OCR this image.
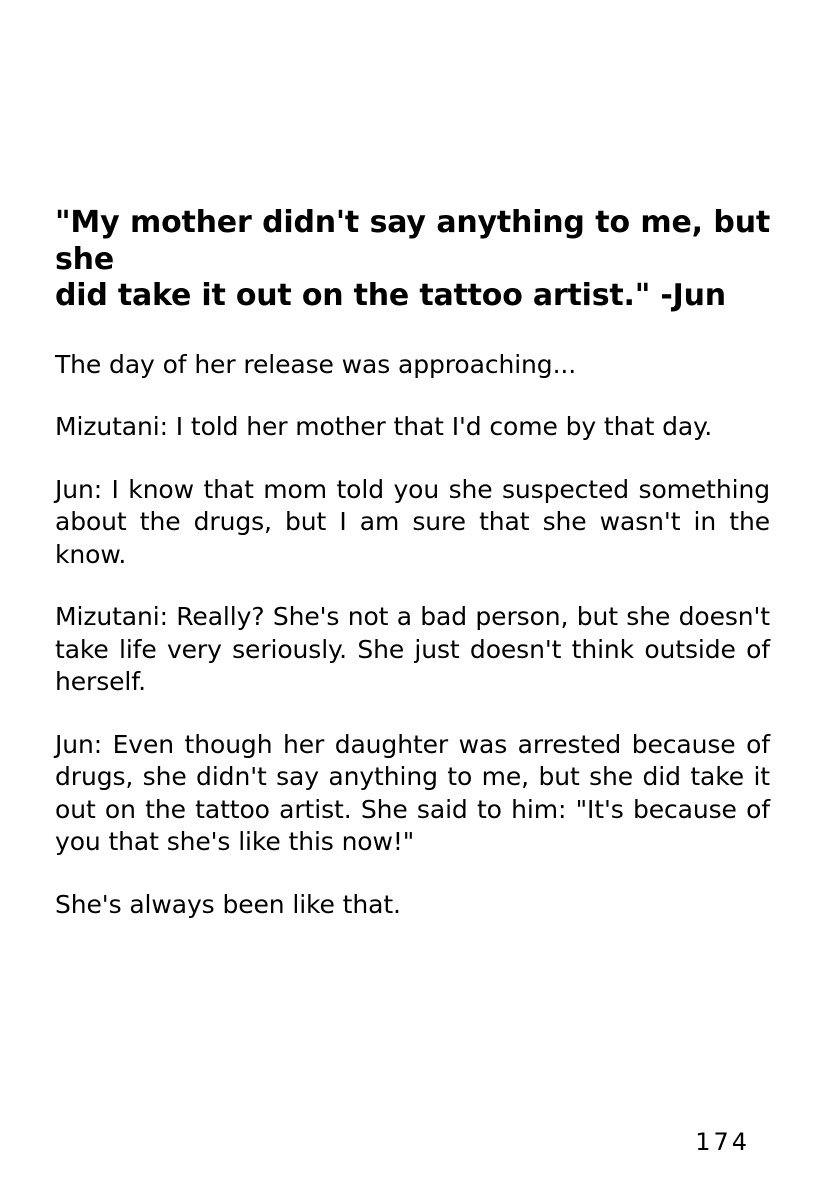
"My mother didn't say anything to me, but she
did take it out on the tattoo artist." -Jun

The day of her release was approaching...

Mizutani: I told her mother that I'd come by that day.

Jun: I know that mom told you she suspected something about the drugs, but I am sure that she wasn't in the know.

Mizutani: Really? She's not a bad person, but she doesn't take life very seriously. She just doesn't think outside of herself.

Jun: Even though her daughter was arrested because of drugs, she didn't say anything to me, but she did take it out on the tattoo artist. She said to him: "It's because of you that she's like this now!"

She's always been like that.

174
